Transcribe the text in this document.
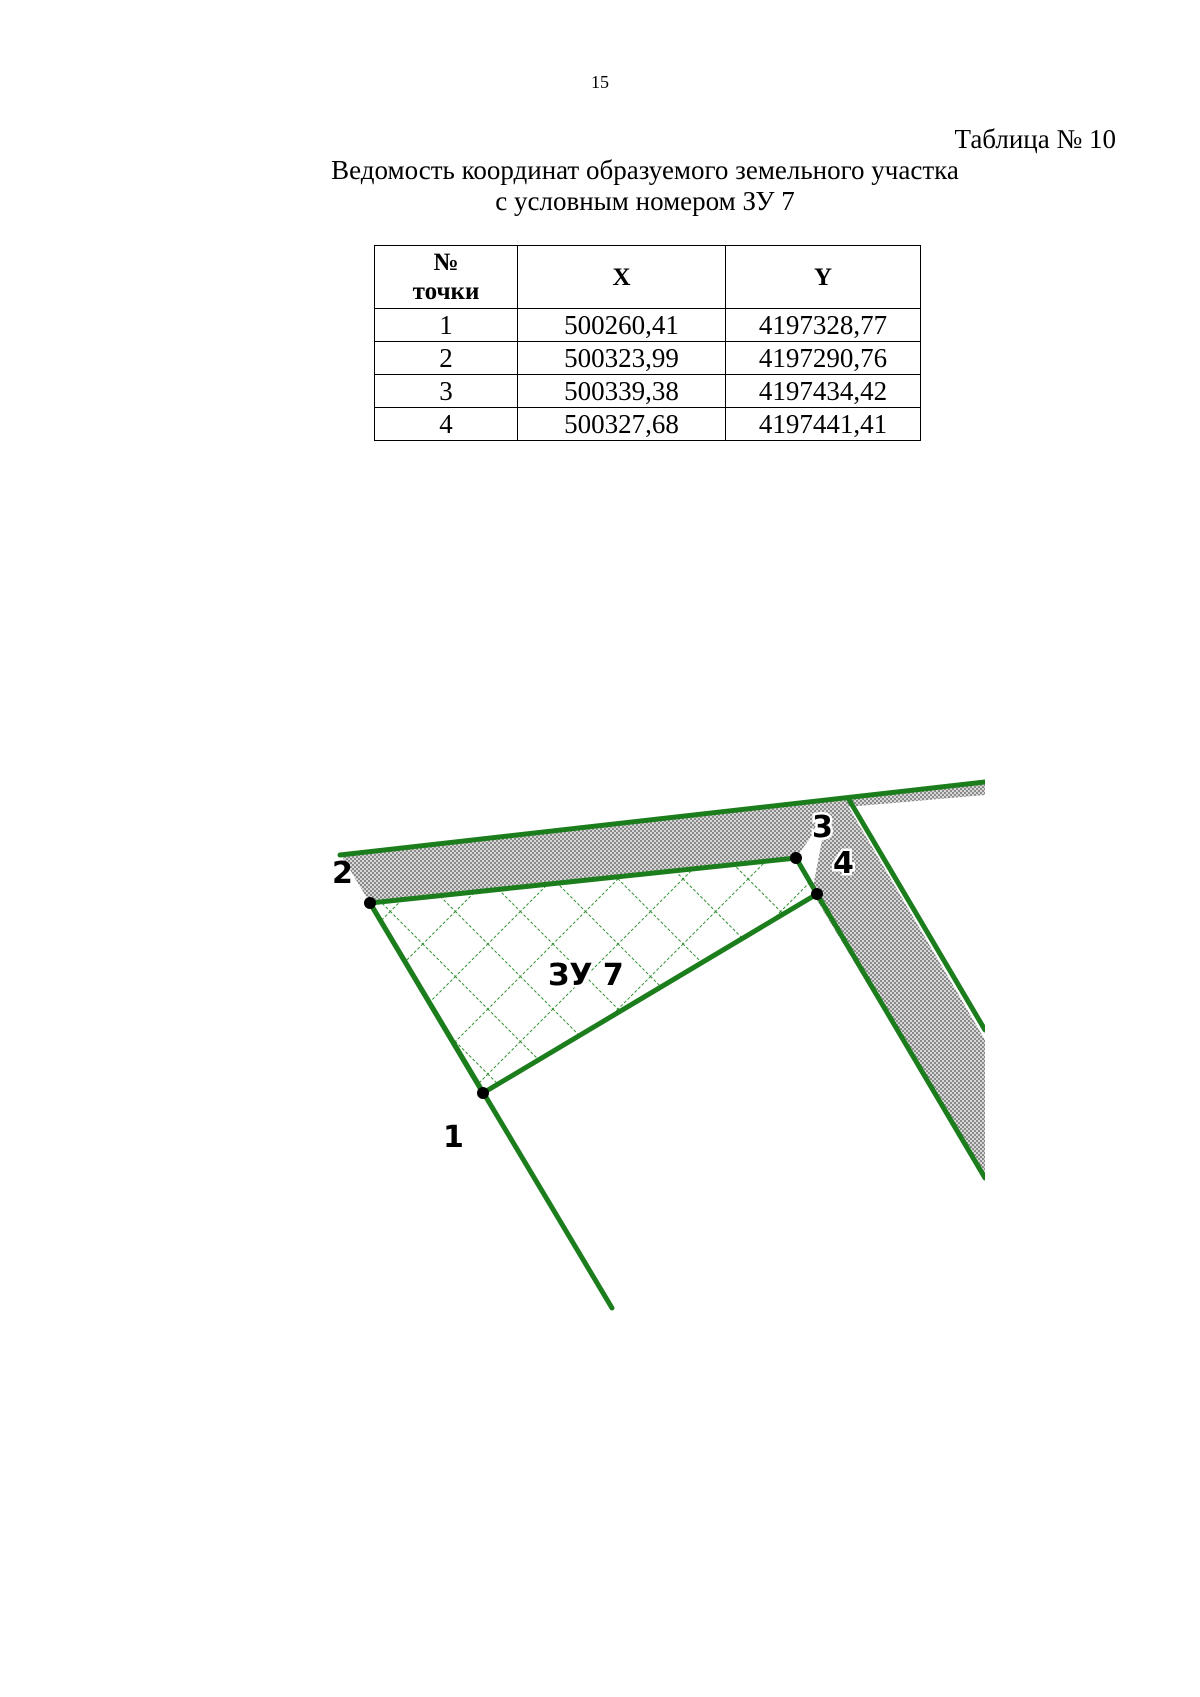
15
Таблица № 10
Ведомость координат образуемого земельного участка
с условным номером ЗУ 7
№
точки	X	Y
1	500260,41	4197328,77
2	500323,99	4197290,76
3	500339,38	4197434,42
4	500327,68	4197441,41
1
2
3
4
ЗУ 7
